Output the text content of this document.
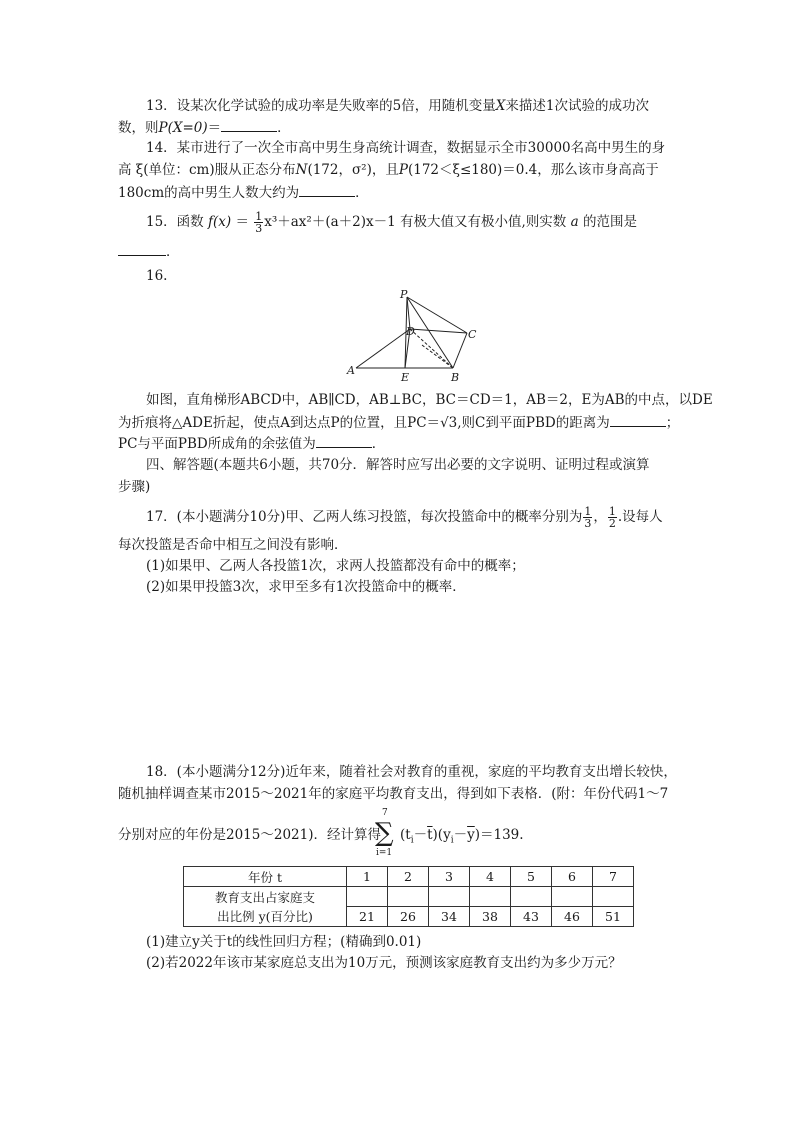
13．设某次化学试验的成功率是失败率的5倍，用随机变量X来描述1次试验的成功次
数，则P(X=0)＝	．
14．某市进行了一次全市高中男生身高统计调查，数据显示全市30000名高中男生的身
高 ξ(单位：cm)服从正态分布N(172，σ²)，且P(172＜ξ≤180)＝0.4，那么该市身高高于
180cm的高中男生人数大约为	．
15．函数 $f(x) = \frac{1}{3} x^3+ax^2+(a+2)x-1$ 有极大值又有极小值,则实数 a 的范围是
．
16.
P
D	C
A
E	B
如图，直角梯形ABCD中，AB∥CD，AB⊥BC，BC＝CD＝1，AB＝2，E为AB的中点，以DE
为折痕将△ADE折起，使点A到达点P的位置，且PC＝√3,则C到平面PBD的距离为	；
PC与平面PBD所成角的余弦值为	．
四、解答题(本题共6小题，共70分．解答时应写出必要的文字说明、证明过程或演算
步骤)
17．(本小题满分10分)甲、乙两人练习投篮，每次投篮命中的概率分别为 $\frac{1}{3}$ ， $\frac{1}{2}$ .设每人
每次投篮是否命中相互之间没有影响．
(1)如果甲、乙两人各投篮1次，求两人投篮都没有命中的概率；
(2)如果甲投篮3次，求甲至多有1次投篮命中的概率．
18．(本小题满分12分)近年来，随着社会对教育的重视，家庭的平均教育支出增长较快，
随机抽样调查某市2015～2021年的家庭平均教育支出，得到如下表格．(附：年份代码1～7
分别对应的年份是2015～2021)．经计算得
7
∑
i=1
$(t_i-\overline{t})(y_i-\overline{y})=139$.
年份 t	1	2	3	4	5	6	7
教育支出占家庭支							
出比例 y(百分比)	21	26	34	38	43	46	51
(1)建立y关于t的线性回归方程；(精确到0.01)
(2)若2022年该市某家庭总支出为10万元，预测该家庭教育支出约为多少万元？
